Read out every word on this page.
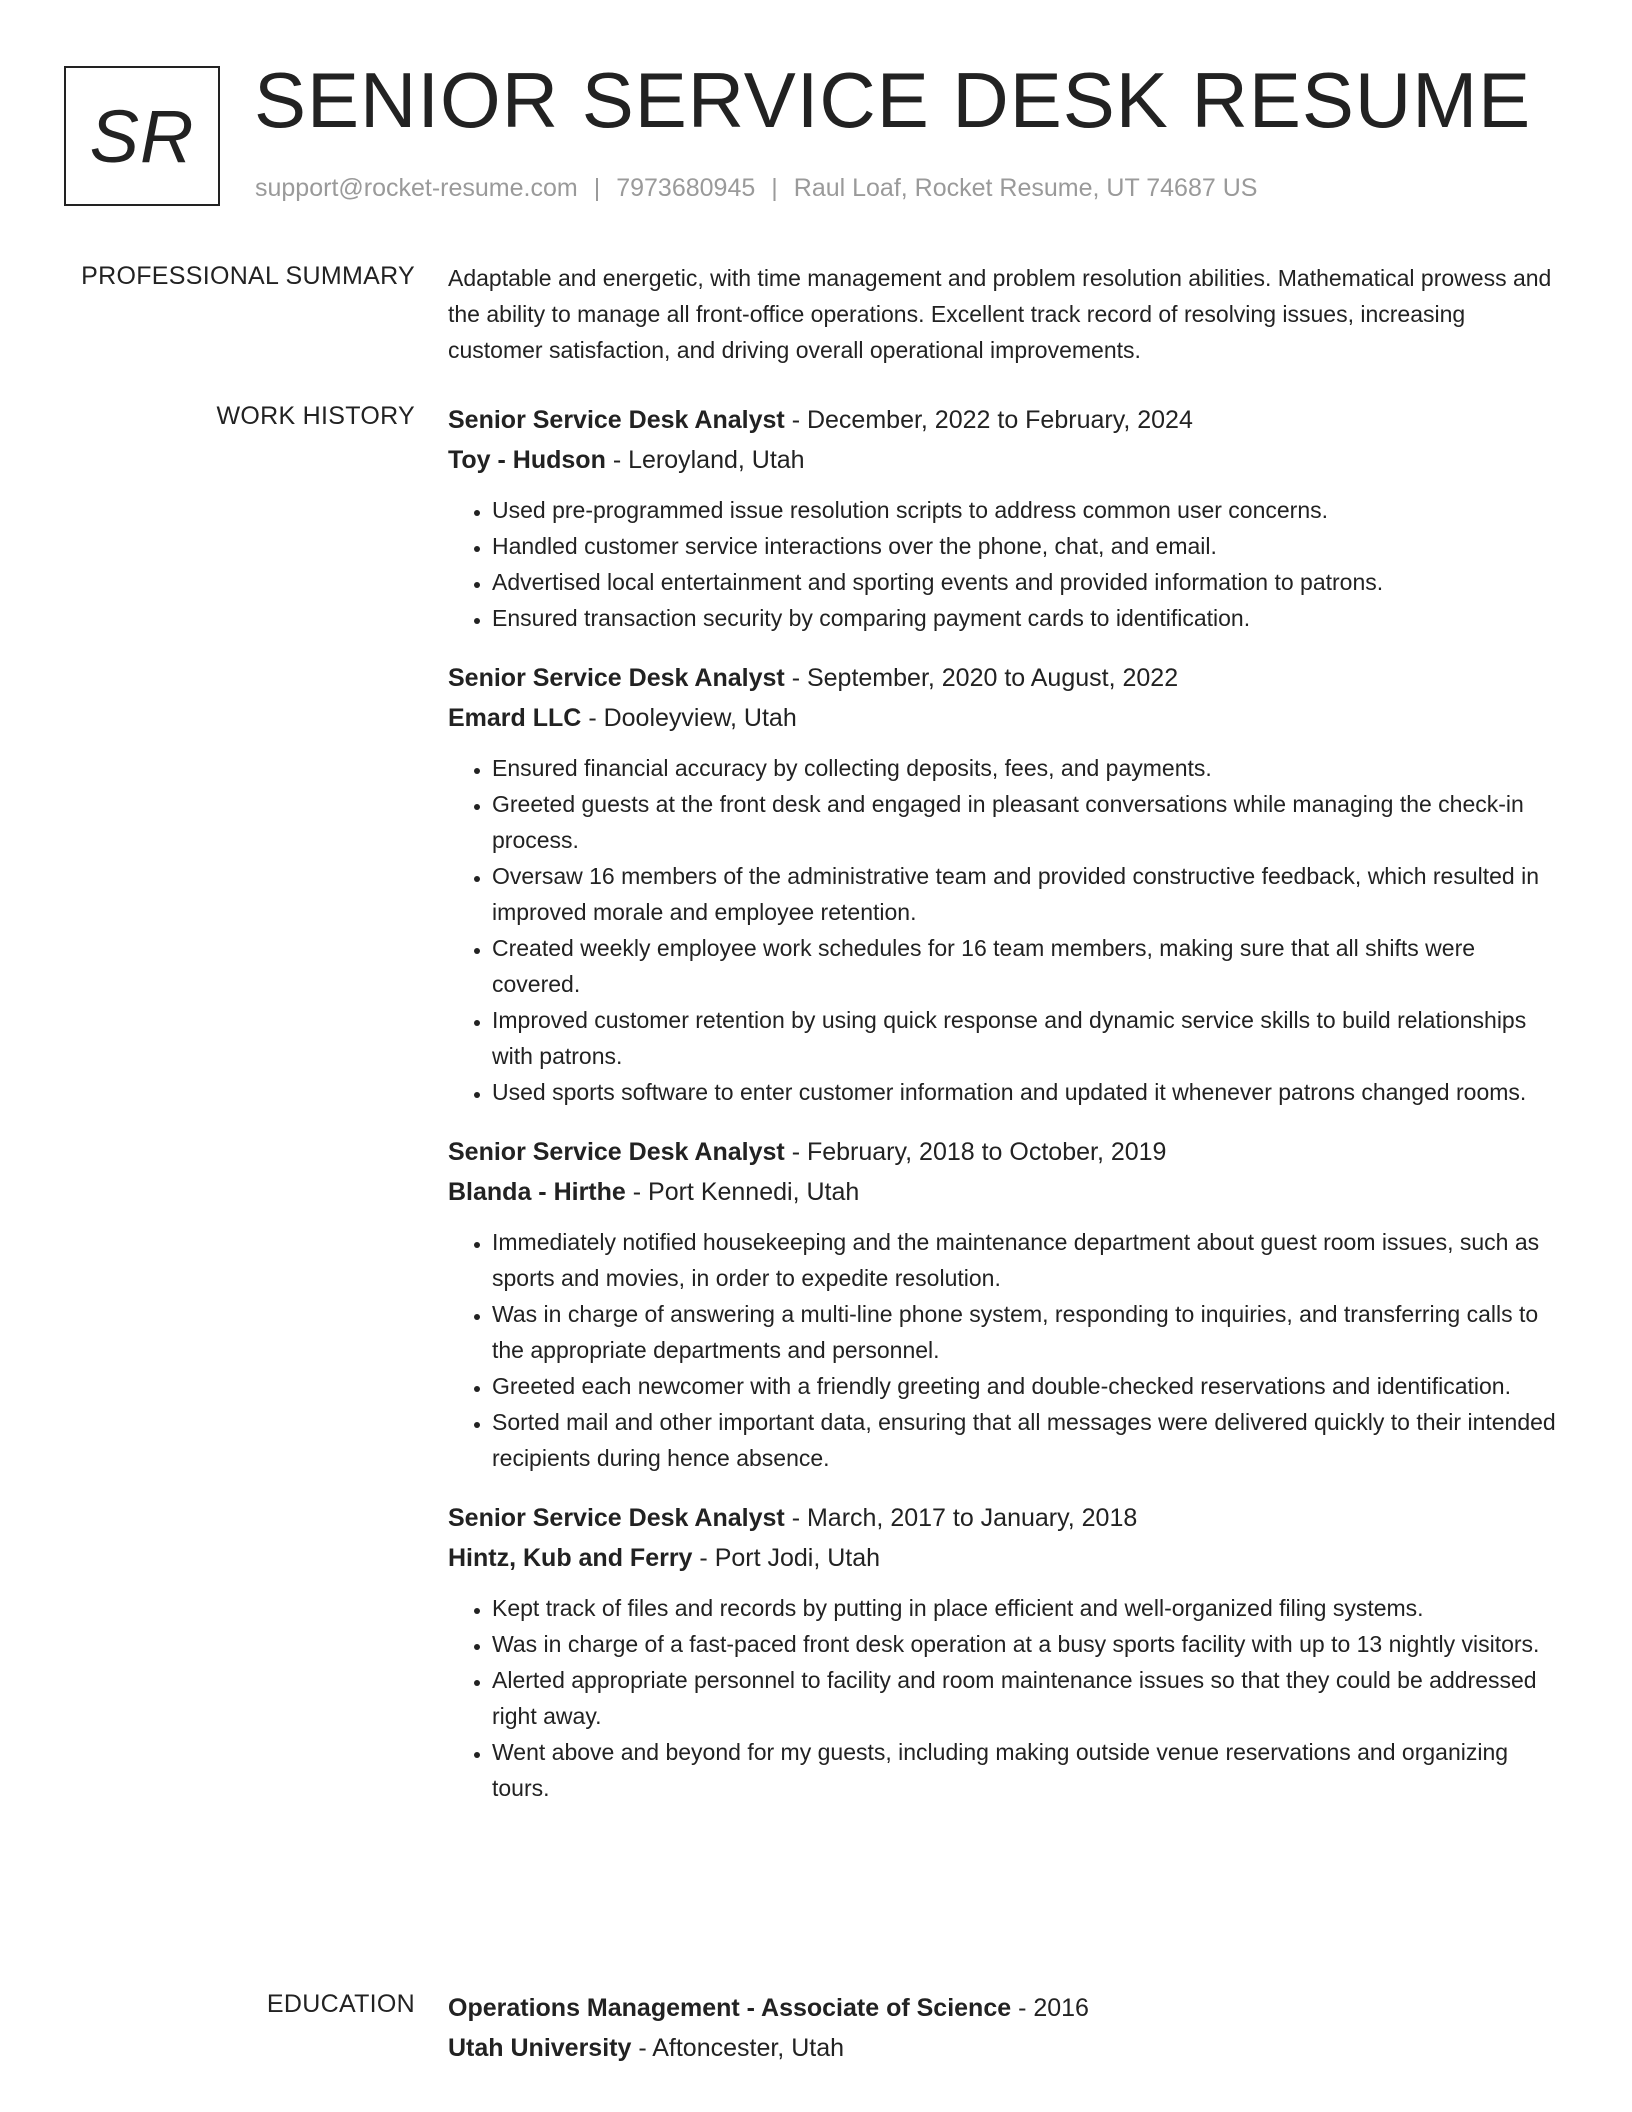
SR SENIOR SERVICE DESK RESUME
support@rocket-resume.com | 7973680945 | Raul Loaf, Rocket Resume, UT 74687 US
PROFESSIONAL SUMMARY Adaptable and energetic, with time management and problem resolution abilities. Mathematical prowess and the ability to manage all front-office operations. Excellent track record of resolving issues, increasing customer satisfaction, and driving overall operational improvements.

WORK HISTORY Senior Service Desk Analyst - December, 2022 to February, 2024
Toy - Hudson - Leroyland, Utah
• Used pre-programmed issue resolution scripts to address common user concerns.
• Handled customer service interactions over the phone, chat, and email.
• Advertised local entertainment and sporting events and provided information to patrons.
• Ensured transaction security by comparing payment cards to identification.
Senior Service Desk Analyst - September, 2020 to August, 2022
Emard LLC - Dooleyview, Utah
• Ensured financial accuracy by collecting deposits, fees, and payments.
• Greeted guests at the front desk and engaged in pleasant conversations while managing the check-in process.
• Oversaw 16 members of the administrative team and provided constructive feedback, which resulted in improved morale and employee retention.
• Created weekly employee work schedules for 16 team members, making sure that all shifts were covered.
• Improved customer retention by using quick response and dynamic service skills to build relationships with patrons.
• Used sports software to enter customer information and updated it whenever patrons changed rooms.
Senior Service Desk Analyst - February, 2018 to October, 2019
Blanda - Hirthe - Port Kennedi, Utah
• Immediately notified housekeeping and the maintenance department about guest room issues, such as sports and movies, in order to expedite resolution.
• Was in charge of answering a multi-line phone system, responding to inquiries, and transferring calls to the appropriate departments and personnel.
• Greeted each newcomer with a friendly greeting and double-checked reservations and identification.
• Sorted mail and other important data, ensuring that all messages were delivered quickly to their intended recipients during hence absence.
Senior Service Desk Analyst - March, 2017 to January, 2018
Hintz, Kub and Ferry - Port Jodi, Utah
• Kept track of files and records by putting in place efficient and well-organized filing systems.
• Was in charge of a fast-paced front desk operation at a busy sports facility with up to 13 nightly visitors.
• Alerted appropriate personnel to facility and room maintenance issues so that they could be addressed right away.
• Went above and beyond for my guests, including making outside venue reservations and organizing tours.
EDUCATION Operations Management - Associate of Science - 2016
Utah University - Aftoncester, Utah
